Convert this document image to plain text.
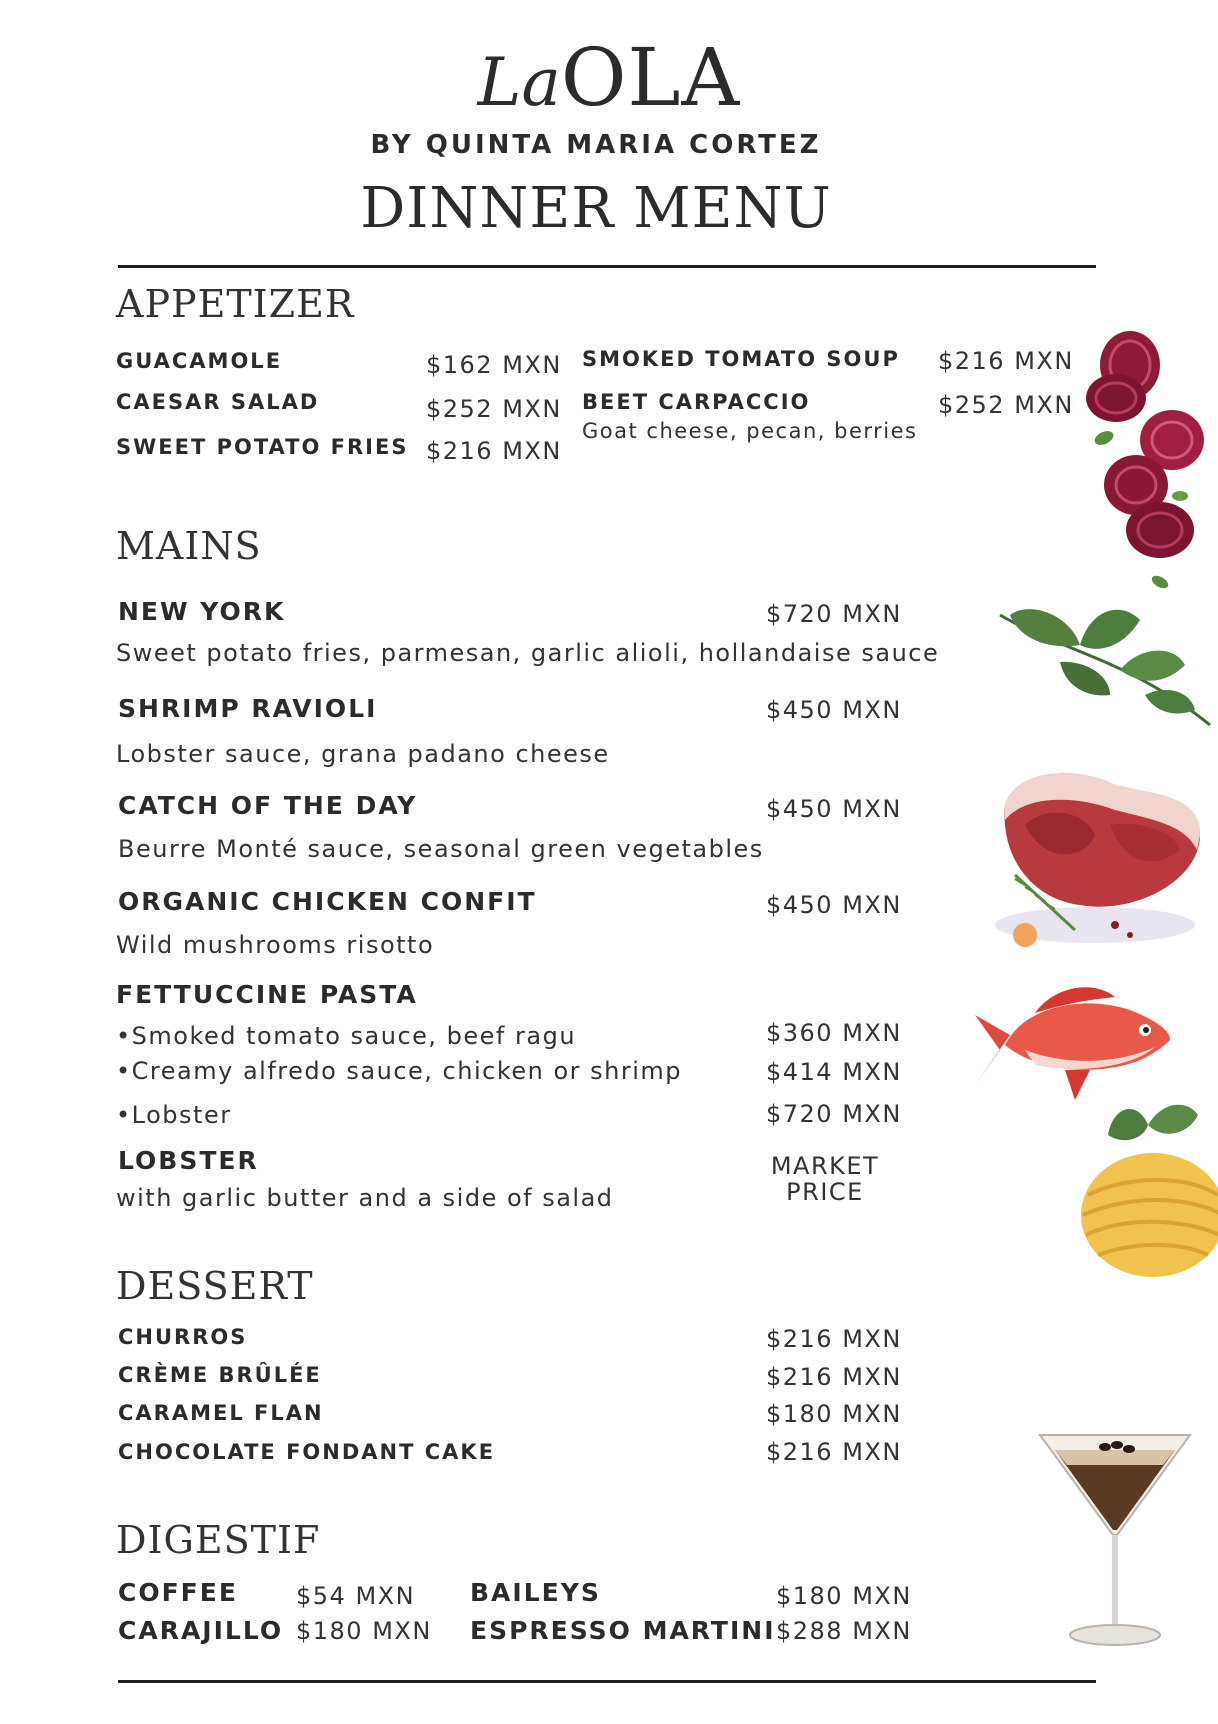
LaOLA
BY QUINTA MARIA CORTEZ
DINNER MENU
APPETIZER
GUACAMOLE	$162 MXN
CAESAR SALAD	$252 MXN
SWEET POTATO FRIES $216 MXN
SMOKED TOMATO SOUP $216 MXN
BEET CARPACCIO	$252 MXN
Goat cheese, pecan, berries
MAINS
NEW YORK	$720 MXN
Sweet potato fries, parmesan, garlic alioli, hollandaise sauce
SHRIMP RAVIOLI	$450 MXN
Lobster sauce, grana padano cheese
CATCH OF THE DAY	$450 MXN
Beurre Monté sauce, seasonal green vegetables
ORGANIC CHICKEN CONFIT	$450 MXN
Wild mushrooms risotto
FETTUCCINE PASTA
•Smoked tomato sauce, beef ragu	$360 MXN
•Creamy alfredo sauce, chicken or shrimp	$414 MXN
•Lobster	$720 MXN
LOBSTER
with garlic butter and a side of salad
MARKET
PRICE
DESSERT
CHURROS	$216 MXN
CRÈME BRÛLÉE	$216 MXN
CARAMEL FLAN	$180 MXN
CHOCOLATE FONDANT CAKE	$216 MXN
DIGESTIF
COFFEE $54 MXN
CARAJILLO $180 MXN
BAILEYS	$180 MXN
ESPRESSO MARTINI $288 MXN
